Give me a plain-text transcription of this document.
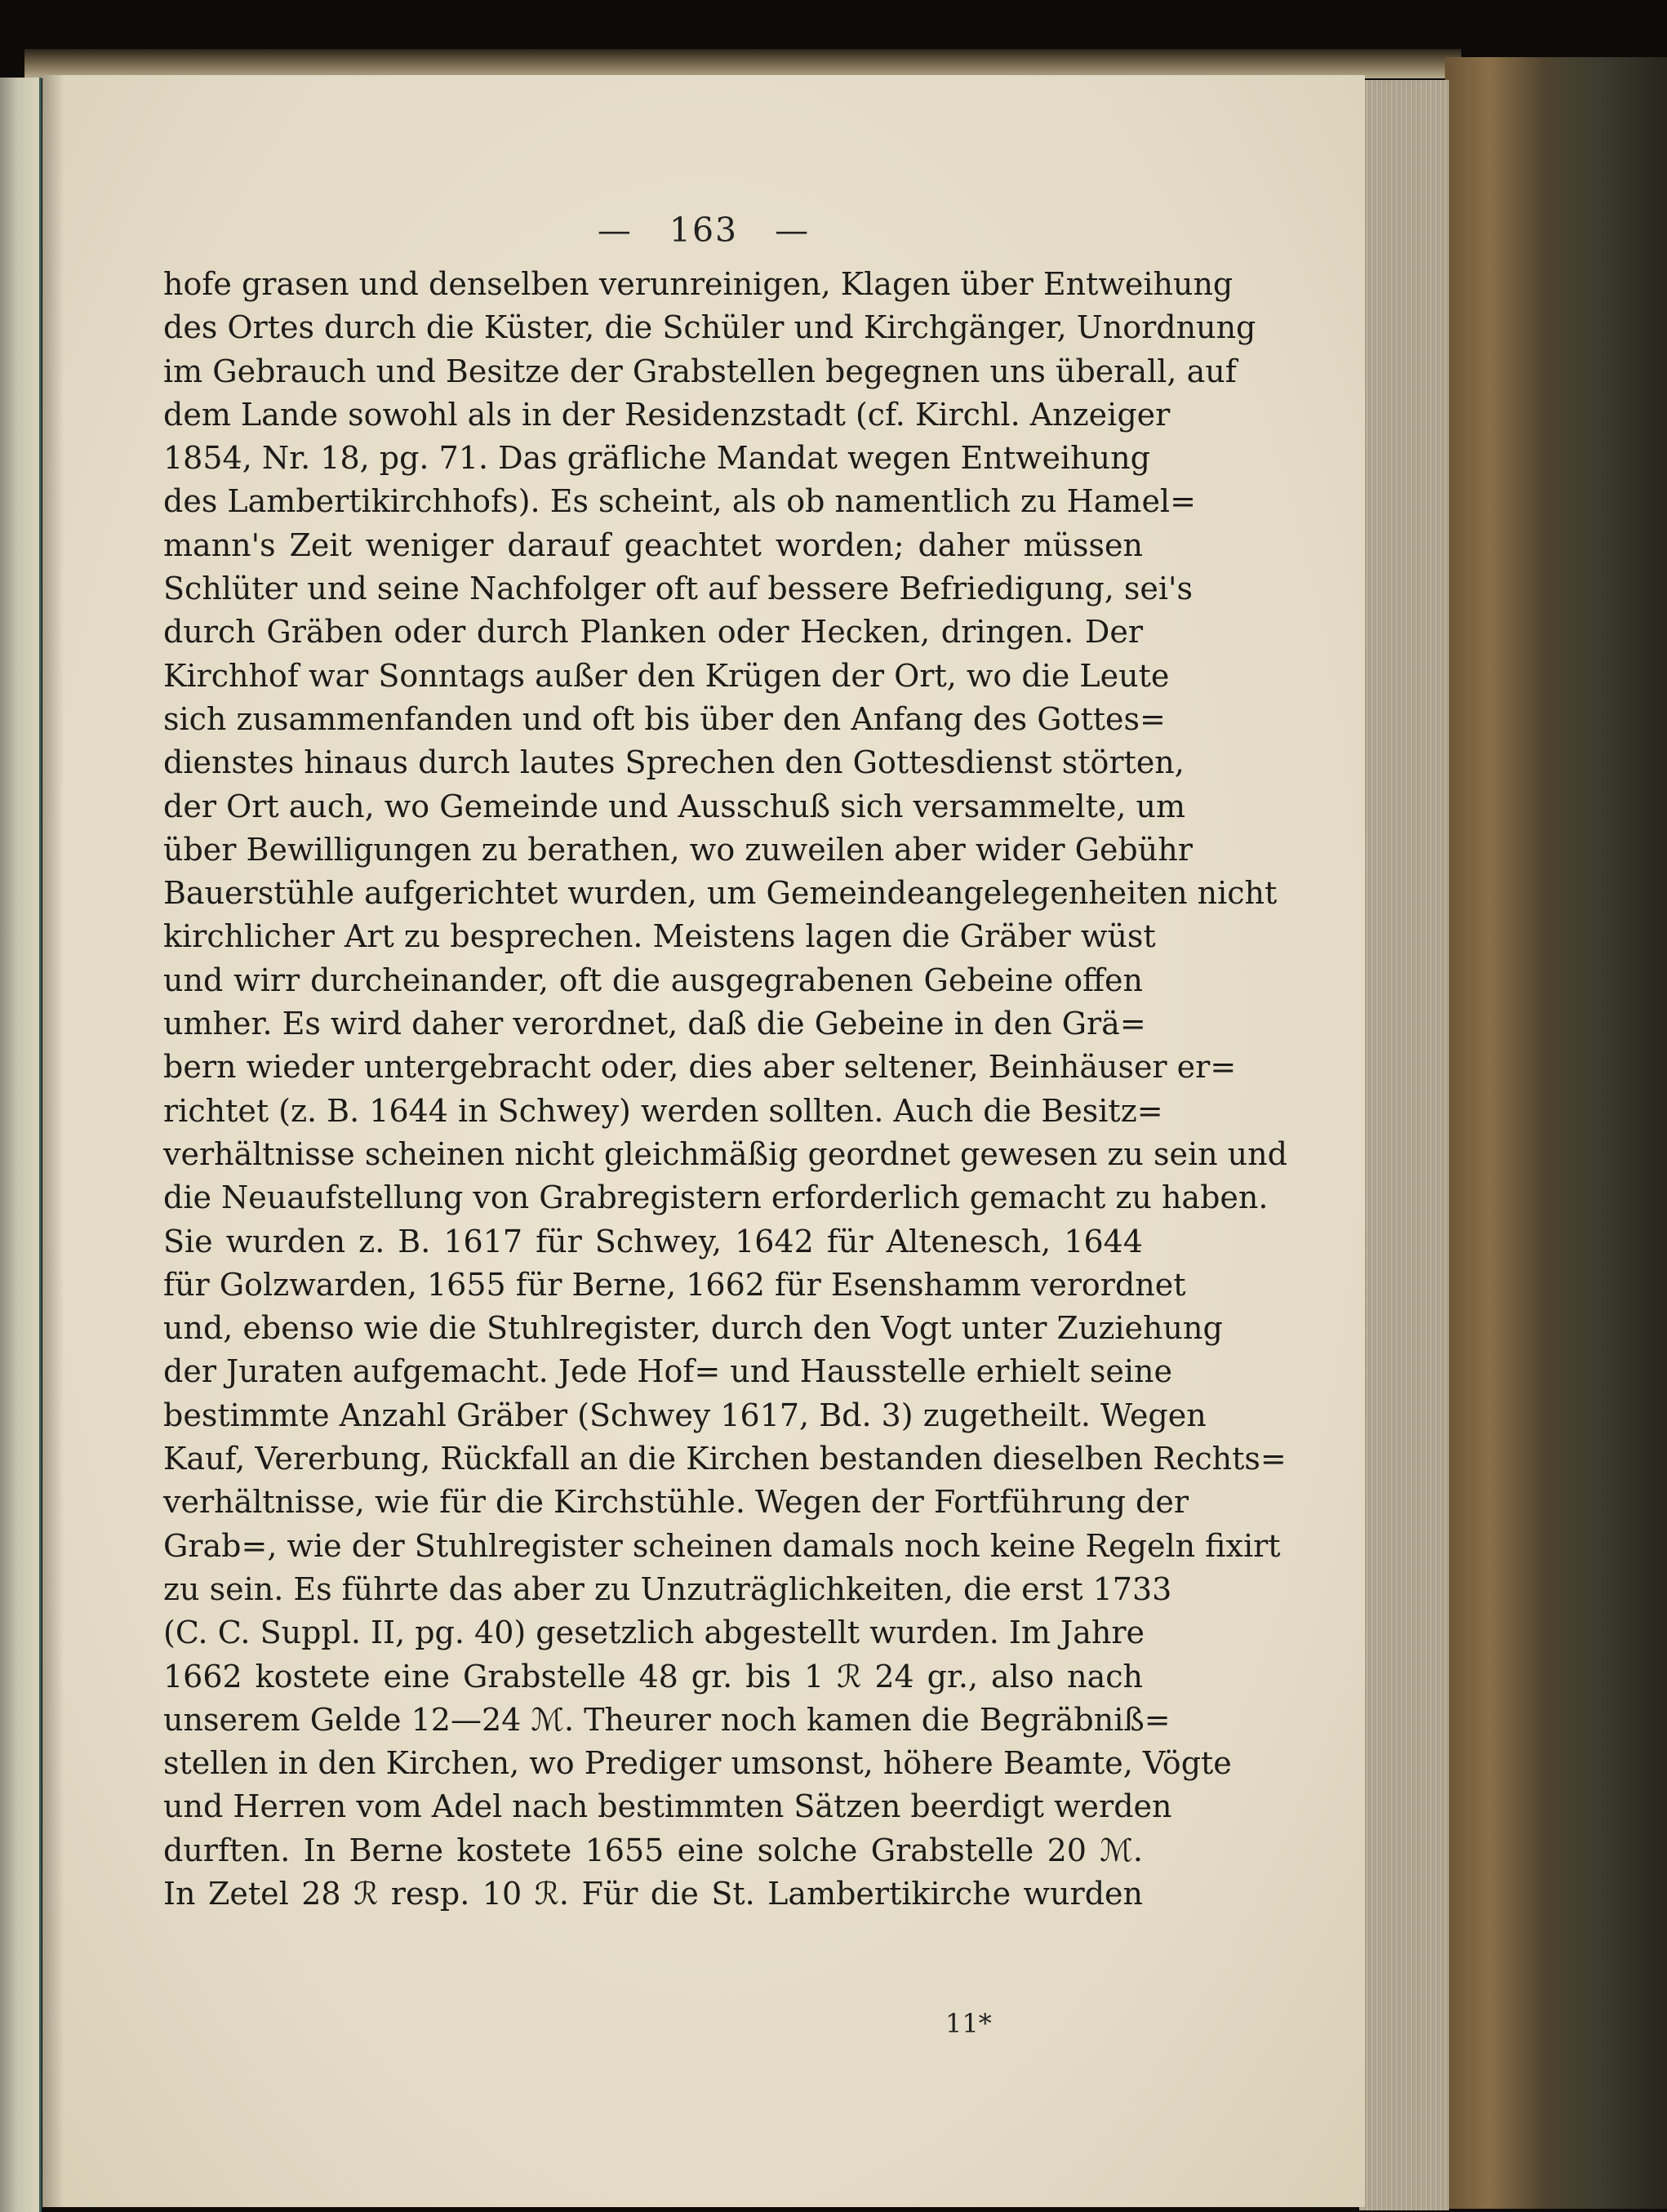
— 163 —
hofe grasen und denselben verunreinigen, Klagen über Entweihung
des Ortes durch die Küster, die Schüler und Kirchgänger, Unordnung
im Gebrauch und Besitze der Grabstellen begegnen uns überall, auf
dem Lande sowohl als in der Residenzstadt (cf. Kirchl. Anzeiger
1854, Nr. 18, pg. 71. Das gräfliche Mandat wegen Entweihung
des Lambertikirchhofs). Es scheint, als ob namentlich zu Hamel=
mann's Zeit weniger darauf geachtet worden; daher müssen
Schlüter und seine Nachfolger oft auf bessere Befriedigung, sei's
durch Gräben oder durch Planken oder Hecken, dringen. Der
Kirchhof war Sonntags außer den Krügen der Ort, wo die Leute
sich zusammenfanden und oft bis über den Anfang des Gottes=
dienstes hinaus durch lautes Sprechen den Gottesdienst störten,
der Ort auch, wo Gemeinde und Ausschuß sich versammelte, um
über Bewilligungen zu berathen, wo zuweilen aber wider Gebühr
Bauerstühle aufgerichtet wurden, um Gemeindeangelegenheiten nicht
kirchlicher Art zu besprechen. Meistens lagen die Gräber wüst
und wirr durcheinander, oft die ausgegrabenen Gebeine offen
umher. Es wird daher verordnet, daß die Gebeine in den Grä=
bern wieder untergebracht oder, dies aber seltener, Beinhäuser er=
richtet (z. B. 1644 in Schwey) werden sollten. Auch die Besitz=
verhältnisse scheinen nicht gleichmäßig geordnet gewesen zu sein und
die Neuaufstellung von Grabregistern erforderlich gemacht zu haben.
Sie wurden z. B. 1617 für Schwey, 1642 für Altenesch, 1644
für Golzwarden, 1655 für Berne, 1662 für Esenshamm verordnet
und, ebenso wie die Stuhlregister, durch den Vogt unter Zuziehung
der Juraten aufgemacht. Jede Hof= und Hausstelle erhielt seine
bestimmte Anzahl Gräber (Schwey 1617, Bd. 3) zugetheilt. Wegen
Kauf, Vererbung, Rückfall an die Kirchen bestanden dieselben Rechts=
verhältnisse, wie für die Kirchstühle. Wegen der Fortführung der
Grab=, wie der Stuhlregister scheinen damals noch keine Regeln fixirt
zu sein. Es führte das aber zu Unzuträglichkeiten, die erst 1733
(C. C. Suppl. II, pg. 40) gesetzlich abgestellt wurden. Im Jahre
1662 kostete eine Grabstelle 48 gr. bis 1 ℛ 24 gr., also nach
unserem Gelde 12—24 ℳ. Theurer noch kamen die Begräbniß=
stellen in den Kirchen, wo Prediger umsonst, höhere Beamte, Vögte
und Herren vom Adel nach bestimmten Sätzen beerdigt werden
durften. In Berne kostete 1655 eine solche Grabstelle 20 ℳ.
In Zetel 28 ℛ resp. 10 ℛ. Für die St. Lambertikirche wurden
11*
